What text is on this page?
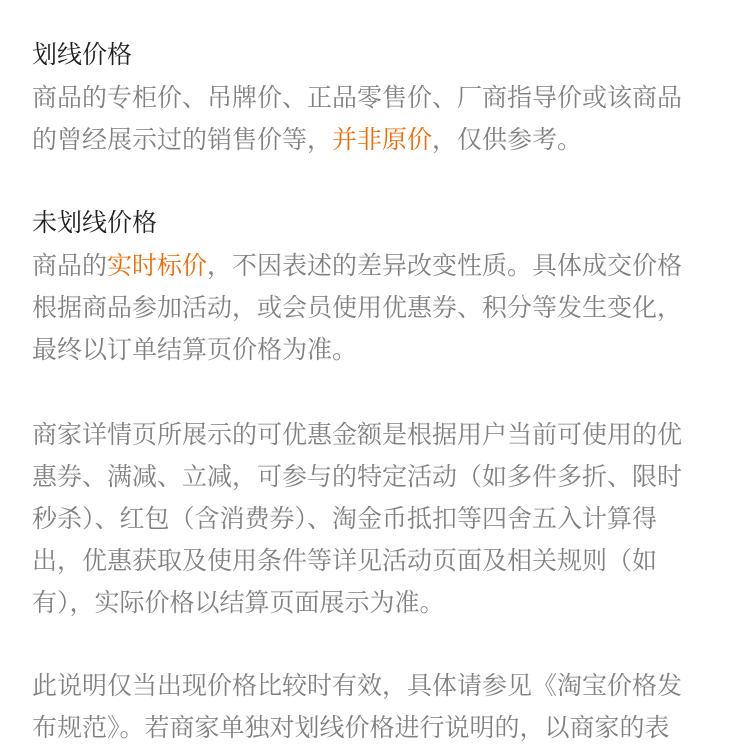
划线价格
商品的专柜价、吊牌价、正品零售价、厂商指导价或该商品
的曾经展示过的销售价等，并非原价，仅供参考。
未划线价格
商品的实时标价，不因表述的差异改变性质。具体成交价格
根据商品参加活动，或会员使用优惠券、积分等发生变化，
最终以订单结算页价格为准。
商家详情页所展示的可优惠金额是根据用户当前可使用的优
惠券、满减、立减，可参与的特定活动（如多件多折、限时
秒杀）、红包（含消费券）、淘金币抵扣等四舍五入计算得
出，优惠获取及使用条件等详见活动页面及相关规则（如
有），实际价格以结算页面展示为准。
此说明仅当出现价格比较时有效，具体请参见《淘宝价格发
布规范》。若商家单独对划线价格进行说明的，以商家的表
